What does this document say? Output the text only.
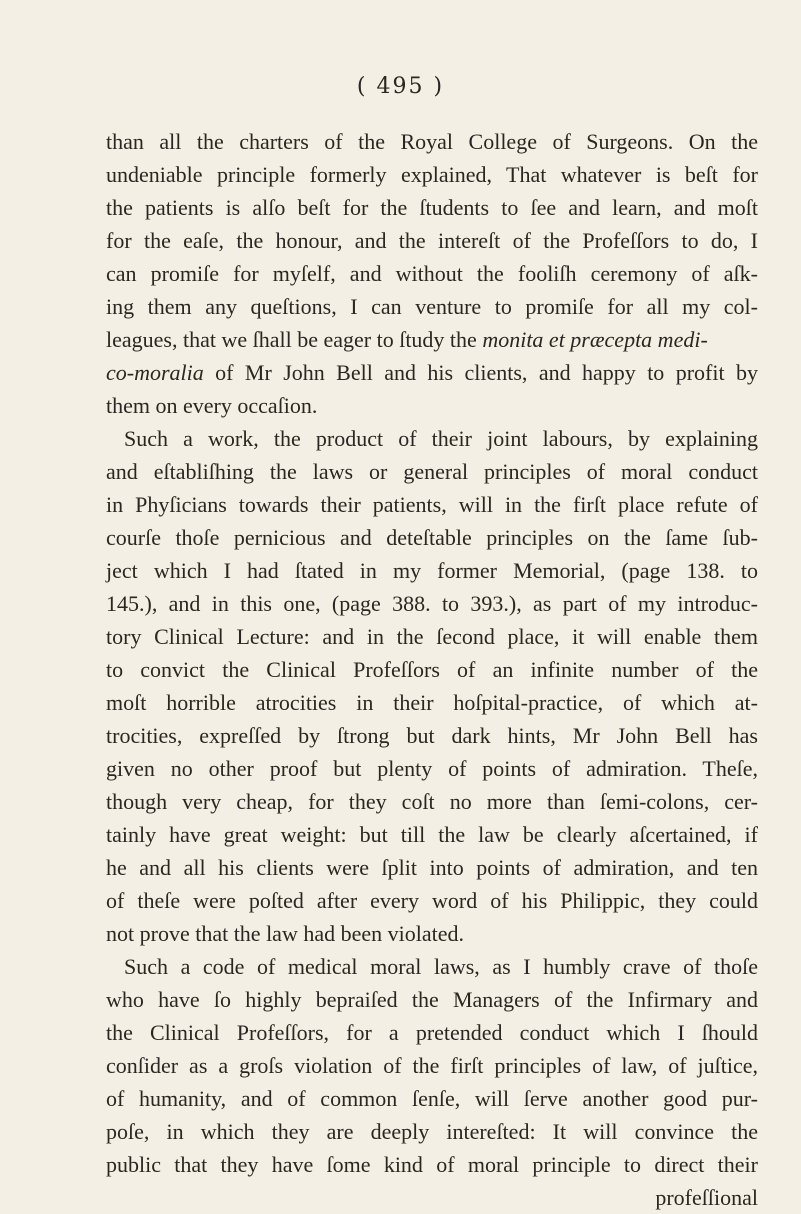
( 495 )
than all the charters of the Royal College of Surgeons. On the
undeniable principle formerly explained, That whatever is beſt for
the patients is alſo beſt for the ſtudents to ſee and learn, and moſt
for the eaſe, the honour, and the intereſt of the Profeſſors to do, I
can promiſe for myſelf, and without the fooliſh ceremony of aſk-
ing them any queſtions, I can venture to promiſe for all my col-
leagues, that we ſhall be eager to ſtudy the monita et præcepta medi-
co-moralia of Mr John Bell and his clients, and happy to profit by
them on every occaſion.
Such a work, the product of their joint labours, by explaining
and eſtabliſhing the laws or general principles of moral conduct
in Phyſicians towards their patients, will in the firſt place refute of
courſe thoſe pernicious and deteſtable principles on the ſame ſub-
ject which I had ſtated in my former Memorial, (page 138. to
145.), and in this one, (page 388. to 393.), as part of my introduc-
tory Clinical Lecture: and in the ſecond place, it will enable them
to convict the Clinical Profeſſors of an infinite number of the
moſt horrible atrocities in their hoſpital-practice, of which at-
trocities, expreſſed by ſtrong but dark hints, Mr John Bell has
given no other proof but plenty of points of admiration. Theſe,
though very cheap, for they coſt no more than ſemi-colons, cer-
tainly have great weight: but till the law be clearly aſcertained, if
he and all his clients were ſplit into points of admiration, and ten
of theſe were poſted after every word of his Philippic, they could
not prove that the law had been violated.
Such a code of medical moral laws, as I humbly crave of thoſe
who have ſo highly bepraiſed the Managers of the Infirmary and
the Clinical Profeſſors, for a pretended conduct which I ſhould
conſider as a groſs violation of the firſt principles of law, of juſtice,
of humanity, and of common ſenſe, will ſerve another good pur-
poſe, in which they are deeply intereſted: It will convince the
public that they have ſome kind of moral principle to direct their
profeſſional
